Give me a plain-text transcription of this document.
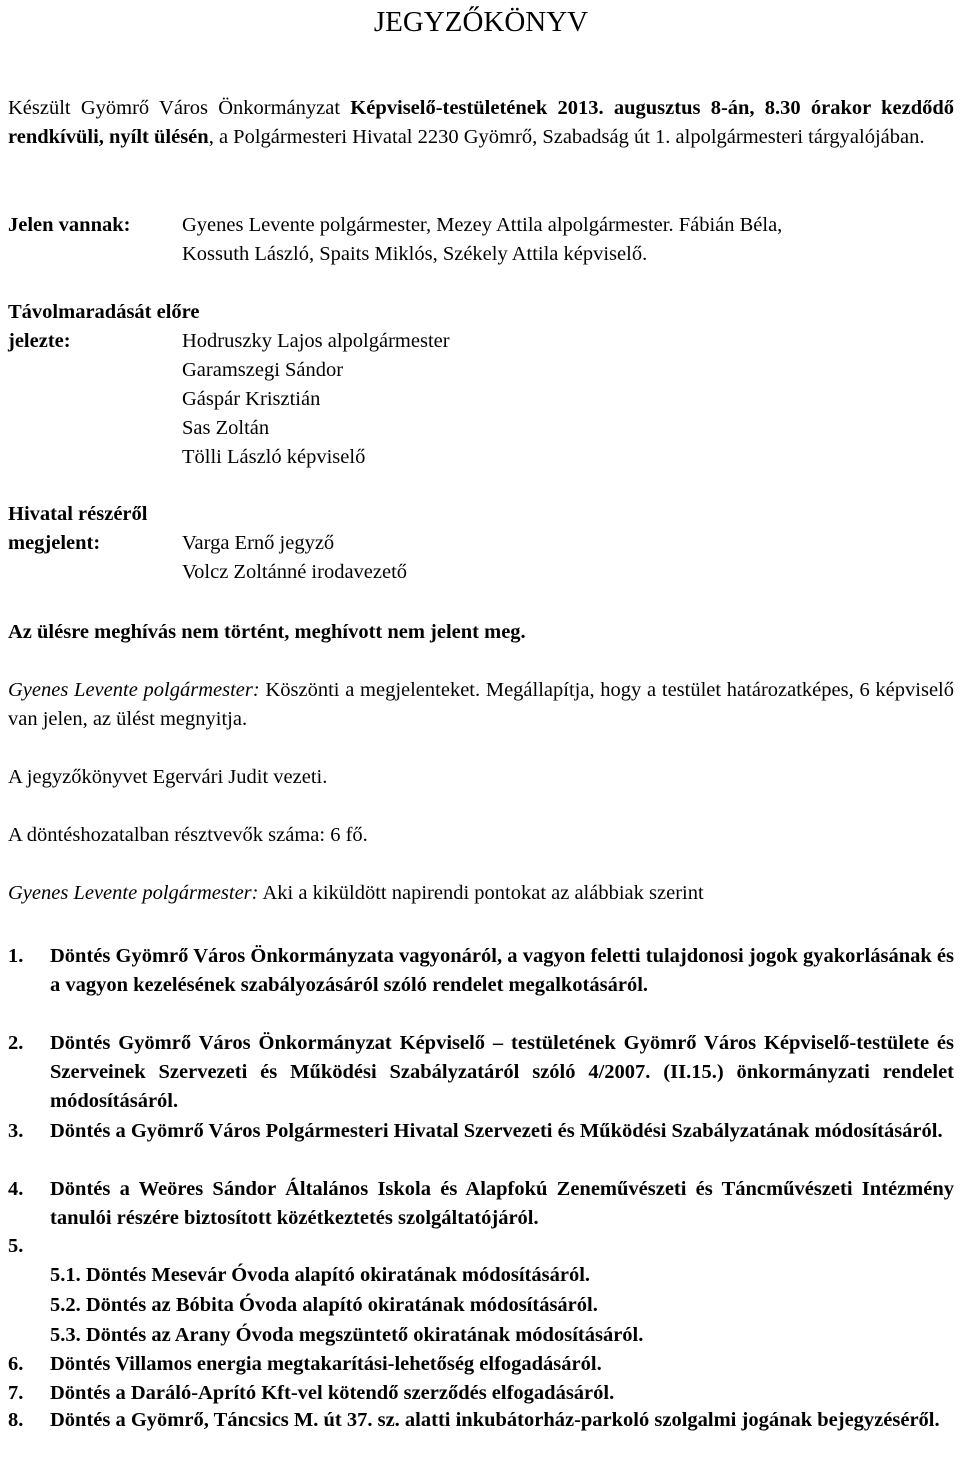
JEGYZŐKÖNYV
Készült Gyömrő Város Önkormányzat Képviselő-testületének 2013. augusztus 8-án, 8.30 órakor kezdődő rendkívüli, nyílt ülésén, a Polgármesteri Hivatal 2230 Gyömrő, Szabadság út 1. alpolgármesteri tárgyalójában.
Jelen vannak:	Gyenes Levente polgármester, Mezey Attila alpolgármester. Fábián Béla,
Kossuth László, Spaits Miklós, Székely Attila képviselő.
Távolmaradását előre
jelezte:	Hodruszky Lajos alpolgármester
Garamszegi Sándor
Gáspár Krisztián
Sas Zoltán
Tölli László képviselő
Hivatal részéről
megjelent:	Varga Ernő jegyző
Volcz Zoltánné irodavezető
Az ülésre meghívás nem történt, meghívott nem jelent meg.
Gyenes Levente polgármester: Köszönti a megjelenteket. Megállapítja, hogy a testület határozatképes, 6 képviselő van jelen, az ülést megnyitja.
A jegyzőkönyvet Egervári Judit vezeti.
A döntéshozatalban résztvevők száma: 6 fő.
Gyenes Levente polgármester: Aki a kiküldött napirendi pontokat az alábbiak szerint
1. Döntés Gyömrő Város Önkormányzata vagyonáról, a vagyon feletti tulajdonosi jogok gyakorlásának és a vagyon kezelésének szabályozásáról szóló rendelet megalkotásáról.
2. Döntés Gyömrő Város Önkormányzat Képviselő – testületének Gyömrő Város Képviselő-testülete és Szerveinek Szervezeti és Működési Szabályzatáról szóló 4/2007. (II.15.) önkormányzati rendelet módosításáról.
3. Döntés a Gyömrő Város Polgármesteri Hivatal Szervezeti és Működési Szabályzatának módosításáról.
4. Döntés a Weöres Sándor Általános Iskola és Alapfokú Zeneművészeti és Táncművészeti Intézmény tanulói részére biztosított közétkeztetés szolgáltatójáról.
5.
5.1. Döntés Mesevár Óvoda alapító okiratának módosításáról.
5.2. Döntés az Bóbita Óvoda alapító okiratának módosításáról.
5.3. Döntés az Arany Óvoda megszüntető okiratának módosításáról.
6. Döntés Villamos energia megtakarítási-lehetőség elfogadásáról.
7. Döntés a Daráló-Aprító Kft-vel kötendő szerződés elfogadásáról.
8. Döntés a Gyömrő, Táncsics M. út 37. sz. alatti inkubátorház-parkoló szolgalmi jogának bejegyzéséről.
